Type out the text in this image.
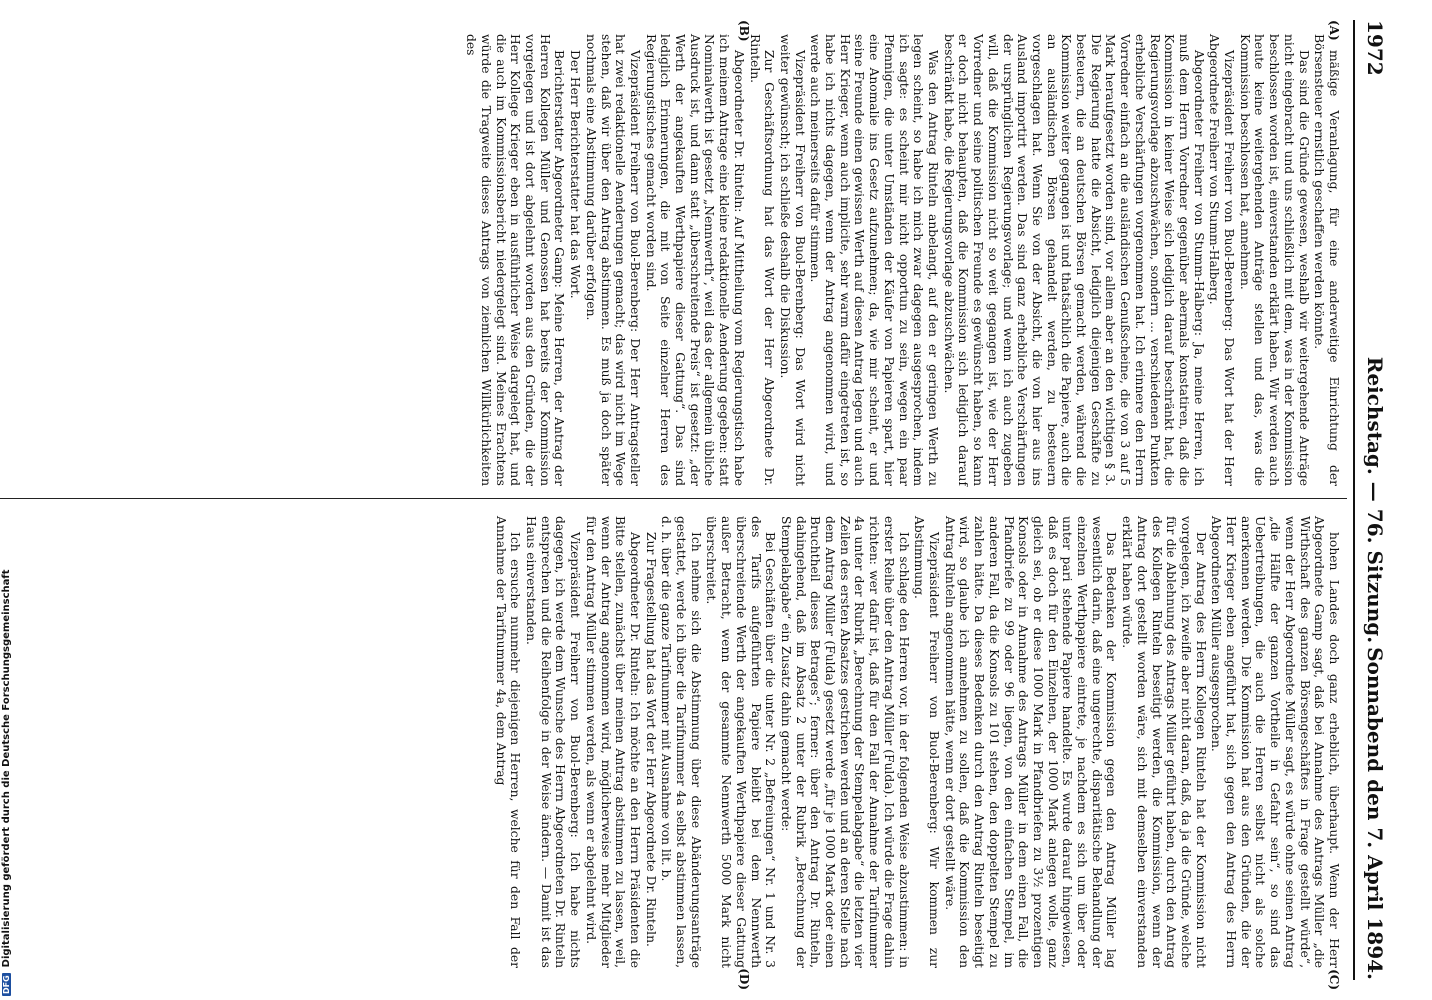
DFGDigitalisierung gefördert durch die Deutsche Forschungsgemeinschaft
1972
Reichstag. — 76. Sitzung.
Sonnabend den 7. April 1894.
(A)
(B)

mäßige Veranlagung, für eine anderweitige Einrichtung der Börsensteuer ernstlich geschaffen werden könnte.

Das sind die Gründe gewesen, weshalb wir weitergehende Anträge nicht eingebracht und uns schließlich mit dem, was in der Kommission beschlossen worden ist, einverstanden erklärt haben. Wir werden auch heute keine weitergehenden Anträge stellen und das, was die Kommission beschlossen hat, annehmen.

Vizepräsident Freiherr von Buol-Berenberg: Das Wort hat der Herr Abgeordnete Freiherr von Stumm-Halberg.

Abgeordneter Freiherr von Stumm-Halberg: Ja, meine Herren, ich muß dem Herrn Vorredner gegenüber abermals konstatiren, daß die Kommission in keiner Weise sich lediglich darauf beschränkt hat, die Regierungsvorlage abzuschwächen, sondern ... verschiedenen Punkten erhebliche Verschärfungen vorgenommen hat. Ich erinnere den Herrn Vorredner einfach an die ausländischen Genußscheine, die von 3 auf 5 Mark heraufgesetzt worden sind, vor allem aber an den wichtigen § 3. Die Regierung hatte die Absicht, lediglich diejenigen Geschäfte zu besteuern, die an deutschen Börsen gemacht werden, während die Kommission weiter gegangen ist und thatsächlich die Papiere, auch die an ausländischen Börsen gehandelt werden, zu besteuern vorgeschlagen hat. Wenn Sie von der Absicht, die von hier aus ins Ausland importirt werden. Das sind ganz erhebliche Verschärfungen der ursprünglichen Regierungsvorlage; und wenn ich auch zugeben will, daß die Kommission nicht so weit gegangen ist, wie der Herr Vorredner und seine politischen Freunde es gewünscht haben, so kann er doch nicht behaupten, daß die Kommission sich lediglich darauf beschränkt habe, die Regierungsvorlage abzuschwächen.

Was den Antrag Rinteln anbelangt, auf den er geringen Werth zu legen scheint, so habe ich mich zwar dagegen ausgesprochen, indem ich sagte: es scheint mir nicht opportun zu sein, wegen ein paar Pfennigen, die unter Umständen der Käufer von Papieren spart, hier eine Anomalie ins Gesetz aufzunehmen; da, wie mir scheint, er und seine Freunde einen gewissen Werth auf diesen Antrag legen und auch Herr Krieger, wenn auch implicite, sehr warm dafür eingetreten ist, so habe ich nichts dagegen, wenn der Antrag angenommen wird, und werde auch meinerseits dafür stimmen.

Vizepräsident Freiherr von Buol-Berenberg: Das Wort wird nicht weiter gewünscht; ich schließe deshalb die Diskussion.

Zur Geschäftsordnung hat das Wort der Herr Abgeordnete Dr. Rinteln.

Abgeordneter Dr. Rinteln: Auf Mittheilung vom Regierungstisch habe ich meinem Antrage eine kleine redaktionelle Aenderung gegeben: statt Nominalwerth ist gesetzt „Nennwerth“, weil das der allgemein übliche Ausdruck ist, und dann statt „überschreitende Preis“ ist gesetzt: „der Werth der angekauften Werthpapiere dieser Gattung“. Das sind lediglich Erinnerungen, die mit von Seite einzelner Herren des Regierungstisches gemacht worden sind.

Vizepräsident Freiherr von Buol-Berenberg: Der Herr Antragsteller hat zwei redaktionelle Aenderungen gemacht; das wird nicht im Wege stehen, daß wir über den Antrag abstimmen. Es muß ja doch später nochmals eine Abstimmung darüber erfolgen.

Der Herr Berichterstatter hat das Wort.

Berichterstatter Abgeordneter Gamp: Meine Herren, der Antrag der Herren Kollegen Müller und Genossen hat bereits der Kommission vorgelegen und ist dort abgelehnt worden aus den Gründen, die der Herr Kollege Krieger eben in ausführlicher Weise dargelegt hat, und die auch im Kommissionsbericht niedergelegt sind. Meines Erachtens würde die Tragweite dieses Antrags von ziemlichen Willkürlichkeiten des

(C)
(D)

hohen Landes doch ganz erheblich, überhaupt. Wenn der Herr Abgeordnete Gamp sagt, daß bei Annahme des Antrags Müller „die Wirthschaft des ganzen Börsengeschäftes in Frage gestellt würde“, wenn der Herr Abgeordnete Müller sagt, es würde ohne seinen Antrag „die Hälfte der ganzen Vortheile in Gefahr sein“, so sind das Uebertreibungen, die auch die Herren selbst nicht als solche anerkennen werden. Die Kommission hat aus den Gründen, die der Herr Krieger eben angeführt hat, sich gegen den Antrag des Herrn Abgeordneten Müller ausgesprochen.

Der Antrag des Herrn Kollegen Rinteln hat der Kommission nicht vorgelegen, ich zweifle aber nicht daran, daß, da ja die Gründe, welche für die Ablehnung des Antrags Müller geführt haben, durch den Antrag des Kollegen Rinteln beseitigt werden, die Kommission, wenn der Antrag dort gestellt worden wäre, sich mit demselben einverstanden erklärt haben würde.

Das Bedenken der Kommission gegen den Antrag Müller lag wesentlich darin, daß eine ungerechte, disparitätische Behandlung der einzelnen Werthpapiere eintrete, je nachdem es sich um über oder unter pari stehende Papiere handelte. Es wurde darauf hingewiesen, daß es doch für den Einzelnen, der 1000 Mark anlegen wolle, ganz gleich sei, ob er diese 1000 Mark in Pfandbriefen zu 3½ prozentigen Konsols oder in Annahme des Antrags Müller in dem einen Fall, die Pfandbriefe zu 99 oder 96 liegen, von den einfachen Stempel, im anderen Fall, da die Konsols zu 101 stehen, den doppelten Stempel zu zahlen hätte. Da dieses Bedenken durch den Antrag Rinteln beseitigt wird, so glaube ich annehmen zu sollen, daß die Kommission den Antrag Rinteln angenommen hätte, wenn er dort gestellt wäre.

Vizepräsident Freiherr von Buol-Berenberg: Wir kommen zur Abstimmung.

Ich schlage den Herren vor, in der folgenden Weise abzustimmen: in erster Reihe über den Antrag Müller (Fulda). Ich würde die Frage dahin richten: wer dafür ist, daß für den Fall der Annahme der Tarifnummer 4a unter der Rubrik „Berechnung der Stempelabgabe“ die letzten vier Zeilen des ersten Absatzes gestrichen werden und an deren Stelle nach dem Antrag Müller (Fulda) gesetzt werde „für je 1000 Mark oder einen Bruchtheil dieses Betrages“; ferner: über den Antrag Dr. Rinteln, dahingehend, daß im Absatz 2 unter der Rubrik „Berechnung der Stempelabgabe“ ein Zusatz dahin gemacht werde:

Bei Geschäften über die unter Nr. 2 „Befreiungen“ Nr. 1 und Nr. 3 des Tarifs aufgeführten Papiere bleibt bei dem Nennwerth überschreitende Werth der angekauften Werthpapiere dieser Gattung außer Betracht, wenn der gesammte Nennwerth 5000 Mark nicht überschreitet.

Ich nehme sich die Abstimmung über diese Abänderungsanträge gestattet, werde ich über die Tarifnummer 4a selbst abstimmen lassen, d. h. über die ganze Tarifnummer mit Ausnahme von lit. b.

Zur Fragestellung hat das Wort der Herr Abgeordnete Dr. Rinteln.

Abgeordneter Dr. Rinteln: Ich möchte an den Herrn Präsidenten die Bitte stellen, zunächst über meinen Antrag abstimmen zu lassen, weil, wenn der Antrag angenommen wird, möglicherweise mehr Mitglieder für den Antrag Müller stimmen werden, als wenn er abgelehnt wird.

Vizepräsident Freiherr von Buol-Berenberg: Ich habe nichts dagegen, ich werde dem Wunsche des Herrn Abgeordneten Dr. Rinteln entsprechen und die Reihenfolge in der Weise ändern. — Damit ist das Haus einverstanden.

Ich ersuche nunmehr diejenigen Herren, welche für den Fall der Annahme der Tarifnummer 4a, dem Antrag
